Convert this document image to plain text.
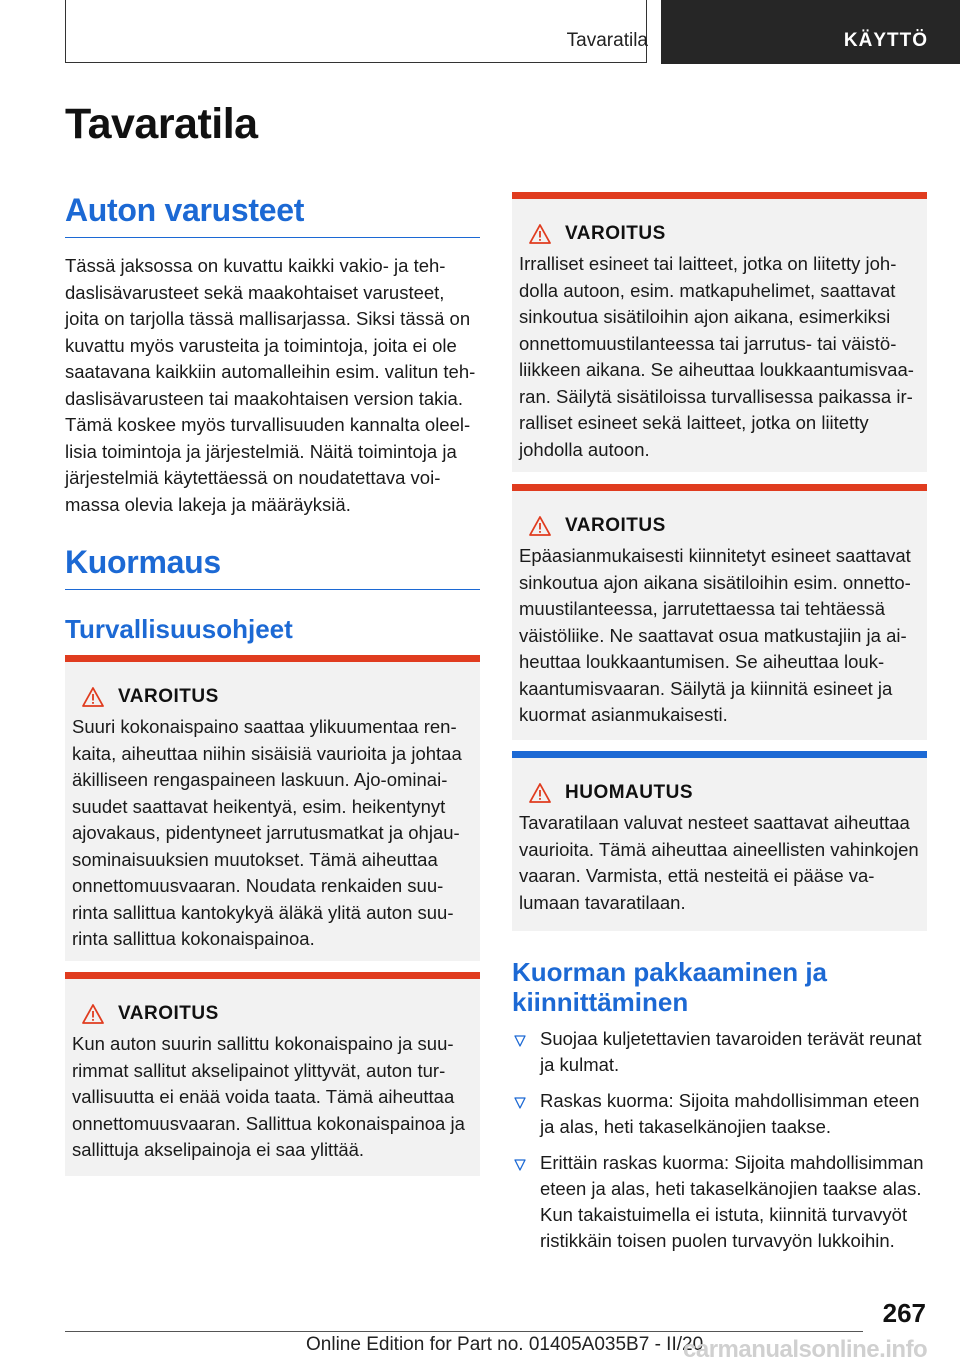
Tavaratila	KÄYTTÖ
Tavaratila
Auton varusteet

Tässä jaksossa on kuvattu kaikki vakio- ja tehdaslisävarusteet sekä maakohtaiset varusteet, joita on tarjolla tässä mallisarjassa. Siksi tässä on kuvattu myös varusteita ja toimintoja, joita ei ole saatavana kaikkiin automalleihin esim. valitun tehdaslisävarusteen tai maakohtaisen version takia. Tämä koskee myös turvallisuuden kannalta oleellisia toimintoja ja järjestelmiä. Näitä toimintoja ja järjestelmiä käytettäessä on noudatettava voimassa olevia lakeja ja määräyksiä.

Kuormaus
Turvallisuusohjeet
VAROITUS

Suuri kokonaispaino saattaa ylikuumentaa renkaita, aiheuttaa niihin sisäisiä vaurioita ja johtaa äkilliseen rengaspaineen laskuun. Ajo-ominaisuudet saattavat heikentyä, esim. heikentynyt ajovakaus, pidentyneet jarrutusmatkat ja ohjausominaisuuksien muutokset. Tämä aiheuttaa onnettomuusvaaran. Noudata renkaiden suurinta sallittua kantokykyä äläkä ylitä auton suurinta sallittua kokonaispainoa.

VAROITUS

Kun auton suurin sallittu kokonaispaino ja suurimmat sallitut akselipainot ylittyvät, auton turvallisuutta ei enää voida taata. Tämä aiheuttaa onnettomuusvaaran. Sallittua kokonaispainoa ja sallittuja akselipainoja ei saa ylittää.

VAROITUS

Irralliset esineet tai laitteet, jotka on liitetty johdolla autoon, esim. matkapuhelimet, saattavat sinkoutua sisätiloihin ajon aikana, esimerkiksi onnettomuustilanteessa tai jarrutus- tai väistöliikkeen aikana. Se aiheuttaa loukkaantumisvaaran. Säilytä sisätiloissa turvallisessa paikassa irralliset esineet sekä laitteet, jotka on liitetty johdolla autoon.

VAROITUS

Epäasianmukaisesti kiinnitetyt esineet saattavat sinkoutua ajon aikana sisätiloihin esim. onnettomuustilanteessa, jarrutettaessa tai tehtäessä väistöliike. Ne saattavat osua matkustajiin ja aiheuttaa loukkaantumisen. Se aiheuttaa loukkaantumisvaaran. Säilytä ja kiinnitä esineet ja kuormat asianmukaisesti.

HUOMAUTUS

Tavaratilaan valuvat nesteet saattavat aiheuttaa vaurioita. Tämä aiheuttaa aineellisten vahinkojen vaaran. Varmista, että nesteitä ei pääse valumaan tavaratilaan.

Kuorman pakkaaminen ja kiinnittäminen
Suojaa kuljetettavien tavaroiden terävät reunat ja kulmat.
Raskas kuorma: Sijoita mahdollisimman eteen ja alas, heti takaselkänojien taakse.
Erittäin raskas kuorma: Sijoita mahdollisimman eteen ja alas, heti takaselkänojien taakse alas. Kun takaistuimella ei istuta, kiinnitä turvavyöt ristikkäin toisen puolen turvavyön lukkoihin.
267
Online Edition for Part no. 01405A035B7 - II/20
carmanualsonline.info
